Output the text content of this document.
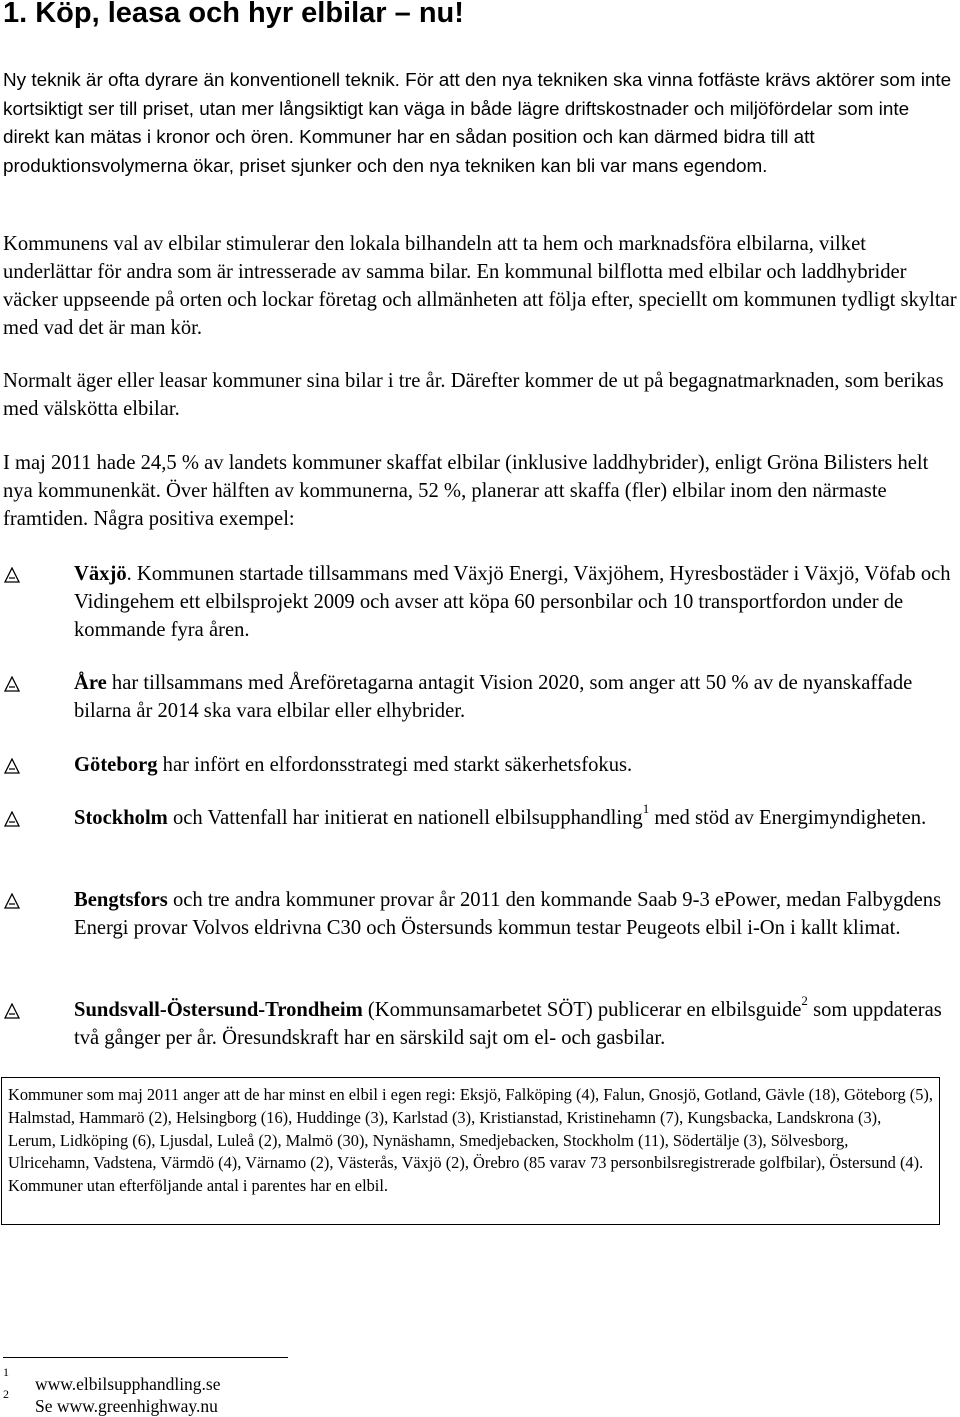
1. Köp, leasa och hyr elbilar – nu!

Ny teknik är ofta dyrare än konventionell teknik. För att den nya tekniken ska vinna fotfäste krävs aktörer som inte kortsiktigt ser till priset, utan mer långsiktigt kan väga in både lägre driftskostnader och miljöfördelar som inte direkt kan mätas i kronor och ören. Kommuner har en sådan position och kan därmed bidra till att produktionsvolymerna ökar, priset sjunker och den nya tekniken kan bli var mans egendom.

Kommunens val av elbilar stimulerar den lokala bilhandeln att ta hem och marknadsföra elbilarna, vilket underlättar för andra som är intresserade av samma bilar. En kommunal bilflotta med elbilar och laddhybrider väcker uppseende på orten och lockar företag och allmänheten att följa efter, speciellt om kommunen tydligt skyltar med vad det är man kör.

Normalt äger eller leasar kommuner sina bilar i tre år. Därefter kommer de ut på begagnatmarknaden, som berikas med välskötta elbilar.

I maj 2011 hade 24,5 % av landets kommuner skaffat elbilar (inklusive laddhybrider), enligt Gröna Bilisters helt nya kommunenkät. Över hälften av kommunerna, 52 %, planerar att skaffa (fler) elbilar inom den närmaste framtiden. Några positiva exempel:

Växjö. Kommunen startade tillsammans med Växjö Energi, Växjöhem, Hyresbostäder i Växjö, Vöfab och Vidingehem ett elbilsprojekt 2009 och avser att köpa 60 personbilar och 10 transportfordon under de kommande fyra åren.
Åre har tillsammans med Åreföretagarna antagit Vision 2020, som anger att 50 % av de nyanskaffade bilarna år 2014 ska vara elbilar eller elhybrider.
Göteborg har infört en elfordonsstrategi med starkt säkerhetsfokus.
Stockholm och Vattenfall har initierat en nationell elbilsupphandling$^1$ med stöd av Energimyndigheten.
Bengtsfors och tre andra kommuner provar år 2011 den kommande Saab 9-3 ePower, medan Falbygdens Energi provar Volvos eldrivna C30 och Östersunds kommun testar Peugeots elbil i-On i kallt klimat.
Sundsvall-Östersund-Trondheim (Kommunsamarbetet SÖT) publicerar en elbilsguide$^2$ som uppdateras två gånger per år. Öresundskraft har en särskild sajt om el- och gasbilar.
Kommuner som maj 2011 anger att de har minst en elbil i egen regi: Eksjö, Falköping (4), Falun, Gnosjö, Gotland, Gävle (18), Göteborg (5), Halmstad, Hammarö (2), Helsingborg (16), Huddinge (3), Karlstad (3), Kristianstad, Kristinehamn (7), Kungsbacka, Landskrona (3), Lerum, Lidköping (6), Ljusdal, Luleå (2), Malmö (30), Nynäshamn, Smedjebacken, Stockholm (11), Södertälje (3), Sölvesborg, Ulricehamn, Vadstena, Värmdö (4), Värnamo (2), Västerås, Växjö (2), Örebro (85 varav 73 personbilsregistrerade golfbilar), Östersund (4). Kommuner utan efterföljande antal i parentes har en elbil.
1
www.elbilsupphandling.se
2
Se www.greenhighway.nu
